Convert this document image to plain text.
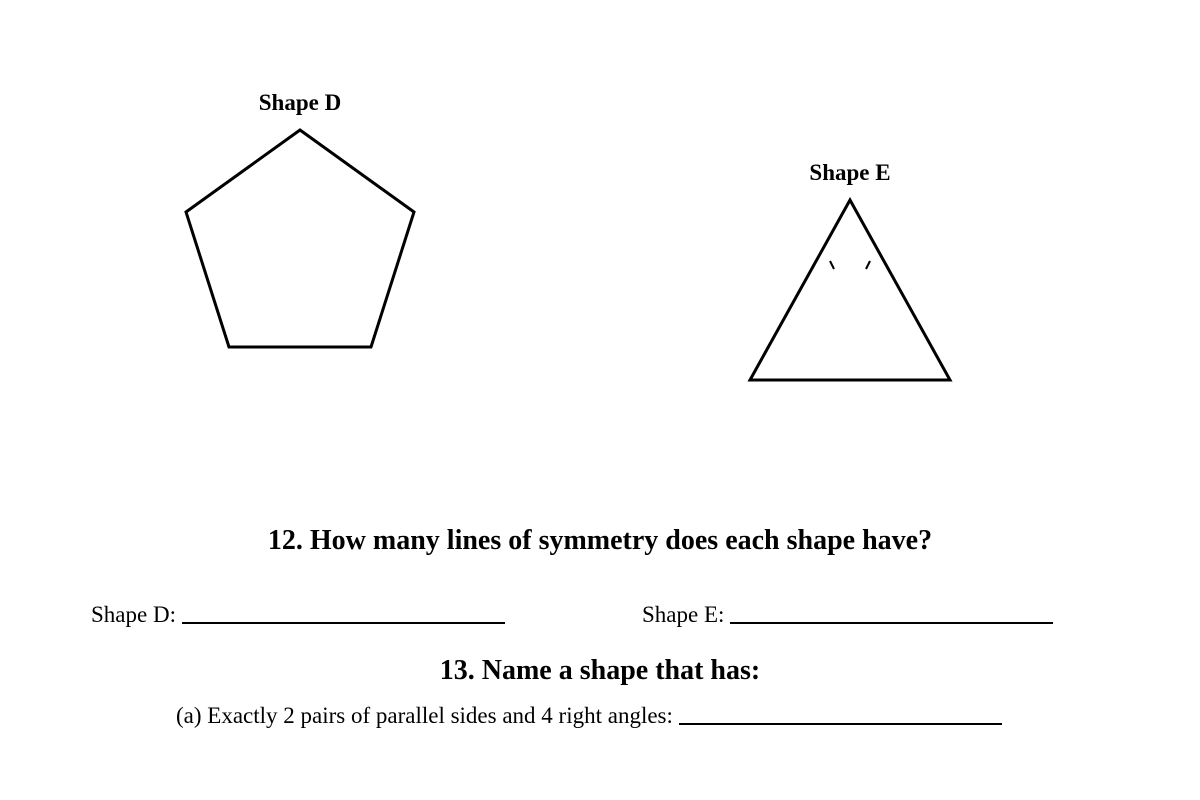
Shape D
Shape E
12. How many lines of symmetry does each shape have?
Shape D:	Shape E:
13. Name a shape that has:
(a) Exactly 2 pairs of parallel sides and 4 right angles:
